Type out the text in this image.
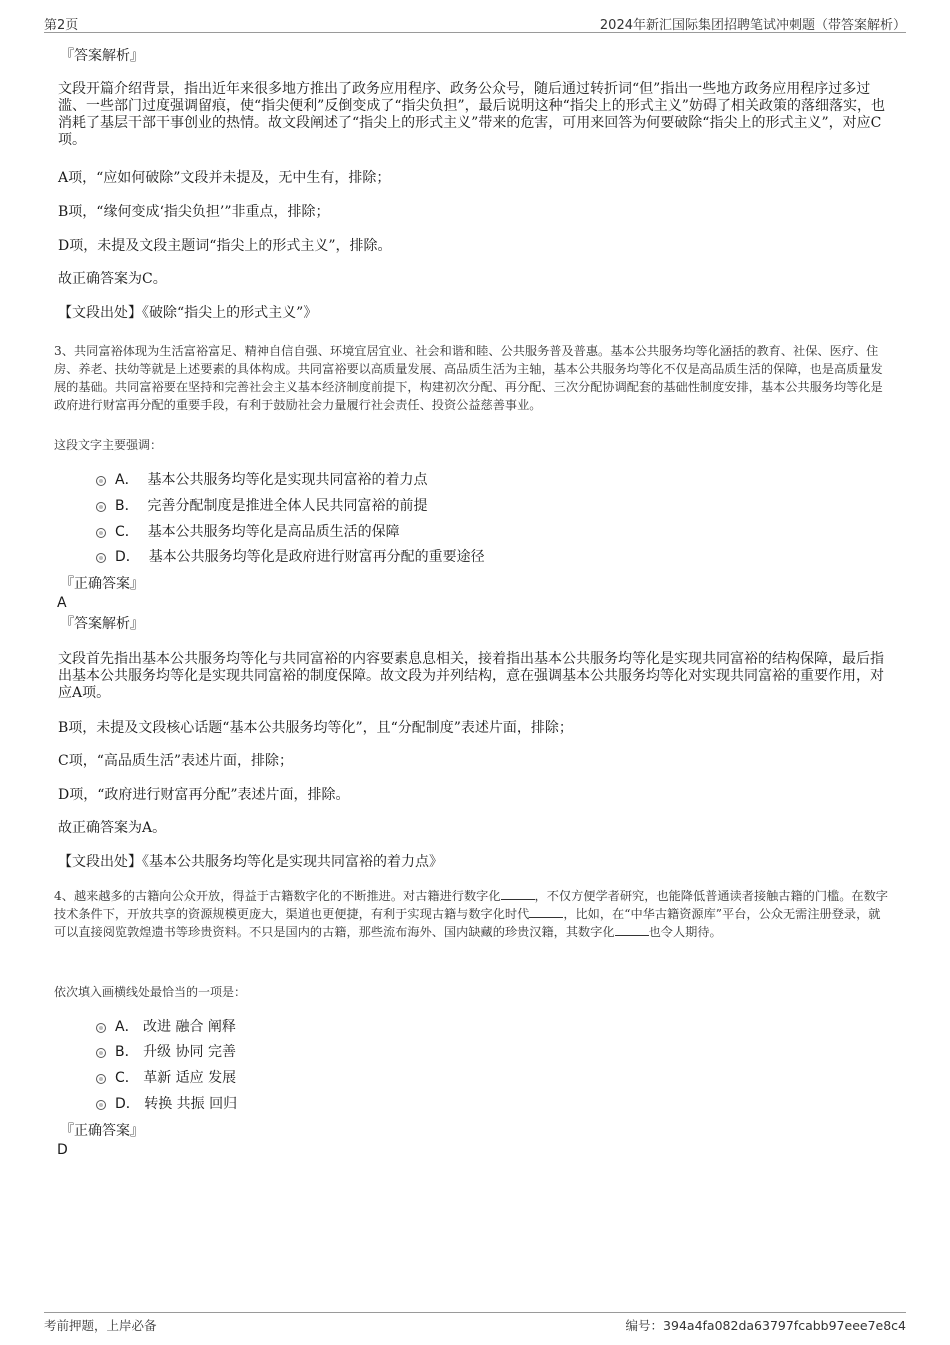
第2页	2024年新汇国际集团招聘笔试冲刺题（带答案解析）
『答案解析』
文段开篇介绍背景，指出近年来很多地方推出了政务应用程序、政务公众号，随后通过转折词“但”指出一些地方政务应用程序过多过滥、一些部门过度强调留痕，使“指尖便利”反倒变成了“指尖负担”，最后说明这种“指尖上的形式主义”妨碍了相关政策的落细落实，也消耗了基层干部干事创业的热情。故文段阐述了“指尖上的形式主义”带来的危害，可用来回答为何要破除“指尖上的形式主义”，对应C项。
A项，“应如何破除”文段并未提及，无中生有，排除；
B项，“缘何变成‘指尖负担’”非重点，排除；
D项，未提及文段主题词“指尖上的形式主义”，排除。
故正确答案为C。
【文段出处】《破除“指尖上的形式主义”》
3、共同富裕体现为生活富裕富足、精神自信自强、环境宜居宜业、社会和谐和睦、公共服务普及普惠。基本公共服务均等化涵括的教育、社保、医疗、住房、养老、扶幼等就是上述要素的具体构成。共同富裕要以高质量发展、高品质生活为主轴，基本公共服务均等化不仅是高品质生活的保障，也是高质量发展的基础。共同富裕要在坚持和完善社会主义基本经济制度前提下，构建初次分配、再分配、三次分配协调配套的基础性制度安排，基本公共服务均等化是政府进行财富再分配的重要手段，有利于鼓励社会力量履行社会责任、投资公益慈善事业。
这段文字主要强调：
A． 基本公共服务均等化是实现共同富裕的着力点
B． 完善分配制度是推进全体人民共同富裕的前提
C． 基本公共服务均等化是高品质生活的保障
D． 基本公共服务均等化是政府进行财富再分配的重要途径
『正确答案』
A
『答案解析』
文段首先指出基本公共服务均等化与共同富裕的内容要素息息相关，接着指出基本公共服务均等化是实现共同富裕的结构保障，最后指出基本公共服务均等化是实现共同富裕的制度保障。故文段为并列结构，意在强调基本公共服务均等化对实现共同富裕的重要作用，对应A项。
B项，未提及文段核心话题“基本公共服务均等化”，且“分配制度”表述片面，排除；
C项，“高品质生活”表述片面，排除；
D项，“政府进行财富再分配”表述片面，排除。
故正确答案为A。
【文段出处】《基本公共服务均等化是实现共同富裕的着力点》
4、越来越多的古籍向公众开放，得益于古籍数字化的不断推进。对古籍进行数字化	，不仅方便学者研究，也能降低普通读者接触古籍的门槛。在数字技术条件下，开放共享的资源规模更庞大，渠道也更便捷，有利于实现古籍与数字化时代	，比如，在“中华古籍资源库”平台，公众无需注册登录，就可以直接阅览敦煌遗书等珍贵资料。不只是国内的古籍，那些流布海外、国内缺藏的珍贵汉籍，其数字化	也令人期待。
依次填入画横线处最恰当的一项是：
A． 改进 融合 阐释
B． 升级 协同 完善
C． 革新 适应 发展
D． 转换 共振 回归
『正确答案』
D
考前押题，上岸必备	编号：394a4fa082da63797fcabb97eee7e8c4
